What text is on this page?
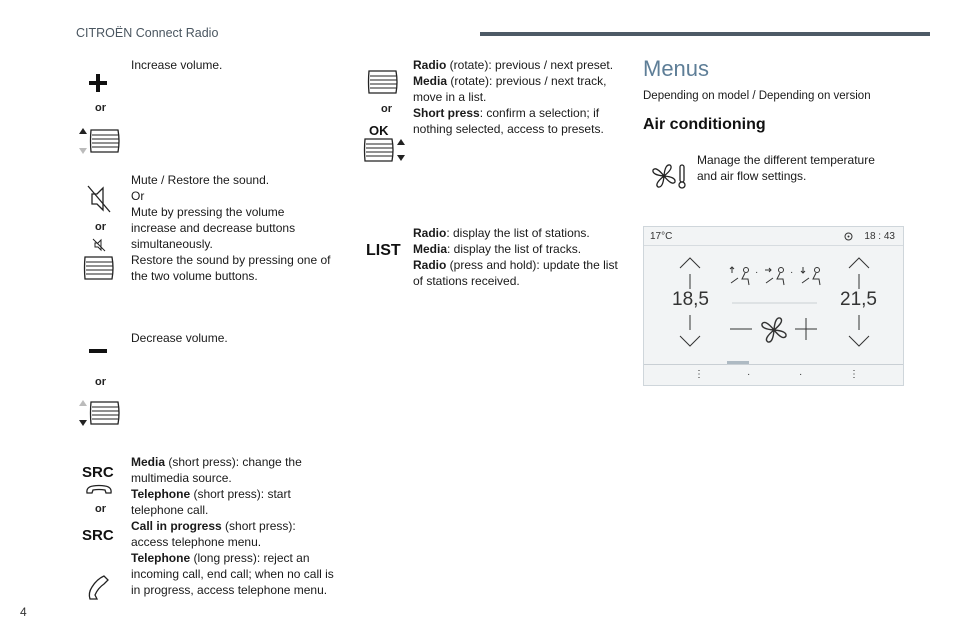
CITROËN Connect Radio
or
Increase volume.
or
Mute / Restore the sound.
Or
Mute by pressing the volume increase and decrease buttons simultaneously.
Restore the sound by pressing one of the two volume buttons.
or
Decrease volume.
SRC
or
SRC
Media (short press): change the multimedia source.
Telephone (short press): start telephone call.
Call in progress (short press): access telephone menu.
Telephone (long press): reject an incoming call, end call; when no call is in progress, access telephone menu.
or
OK
Radio (rotate): previous / next preset.
Media (rotate): previous / next track, move in a list.
Short press: confirm a selection; if nothing selected, access to presets.
LIST
Radio: display the list of stations.
Media: display the list of tracks.
Radio (press and hold): update the list of stations received.
Menus
Depending on model / Depending on version
Air conditioning
Manage the different temperature and air flow settings.
17°C	18 : 43
18,5	21,5
·	·
⋮	·	·	⋮
4
